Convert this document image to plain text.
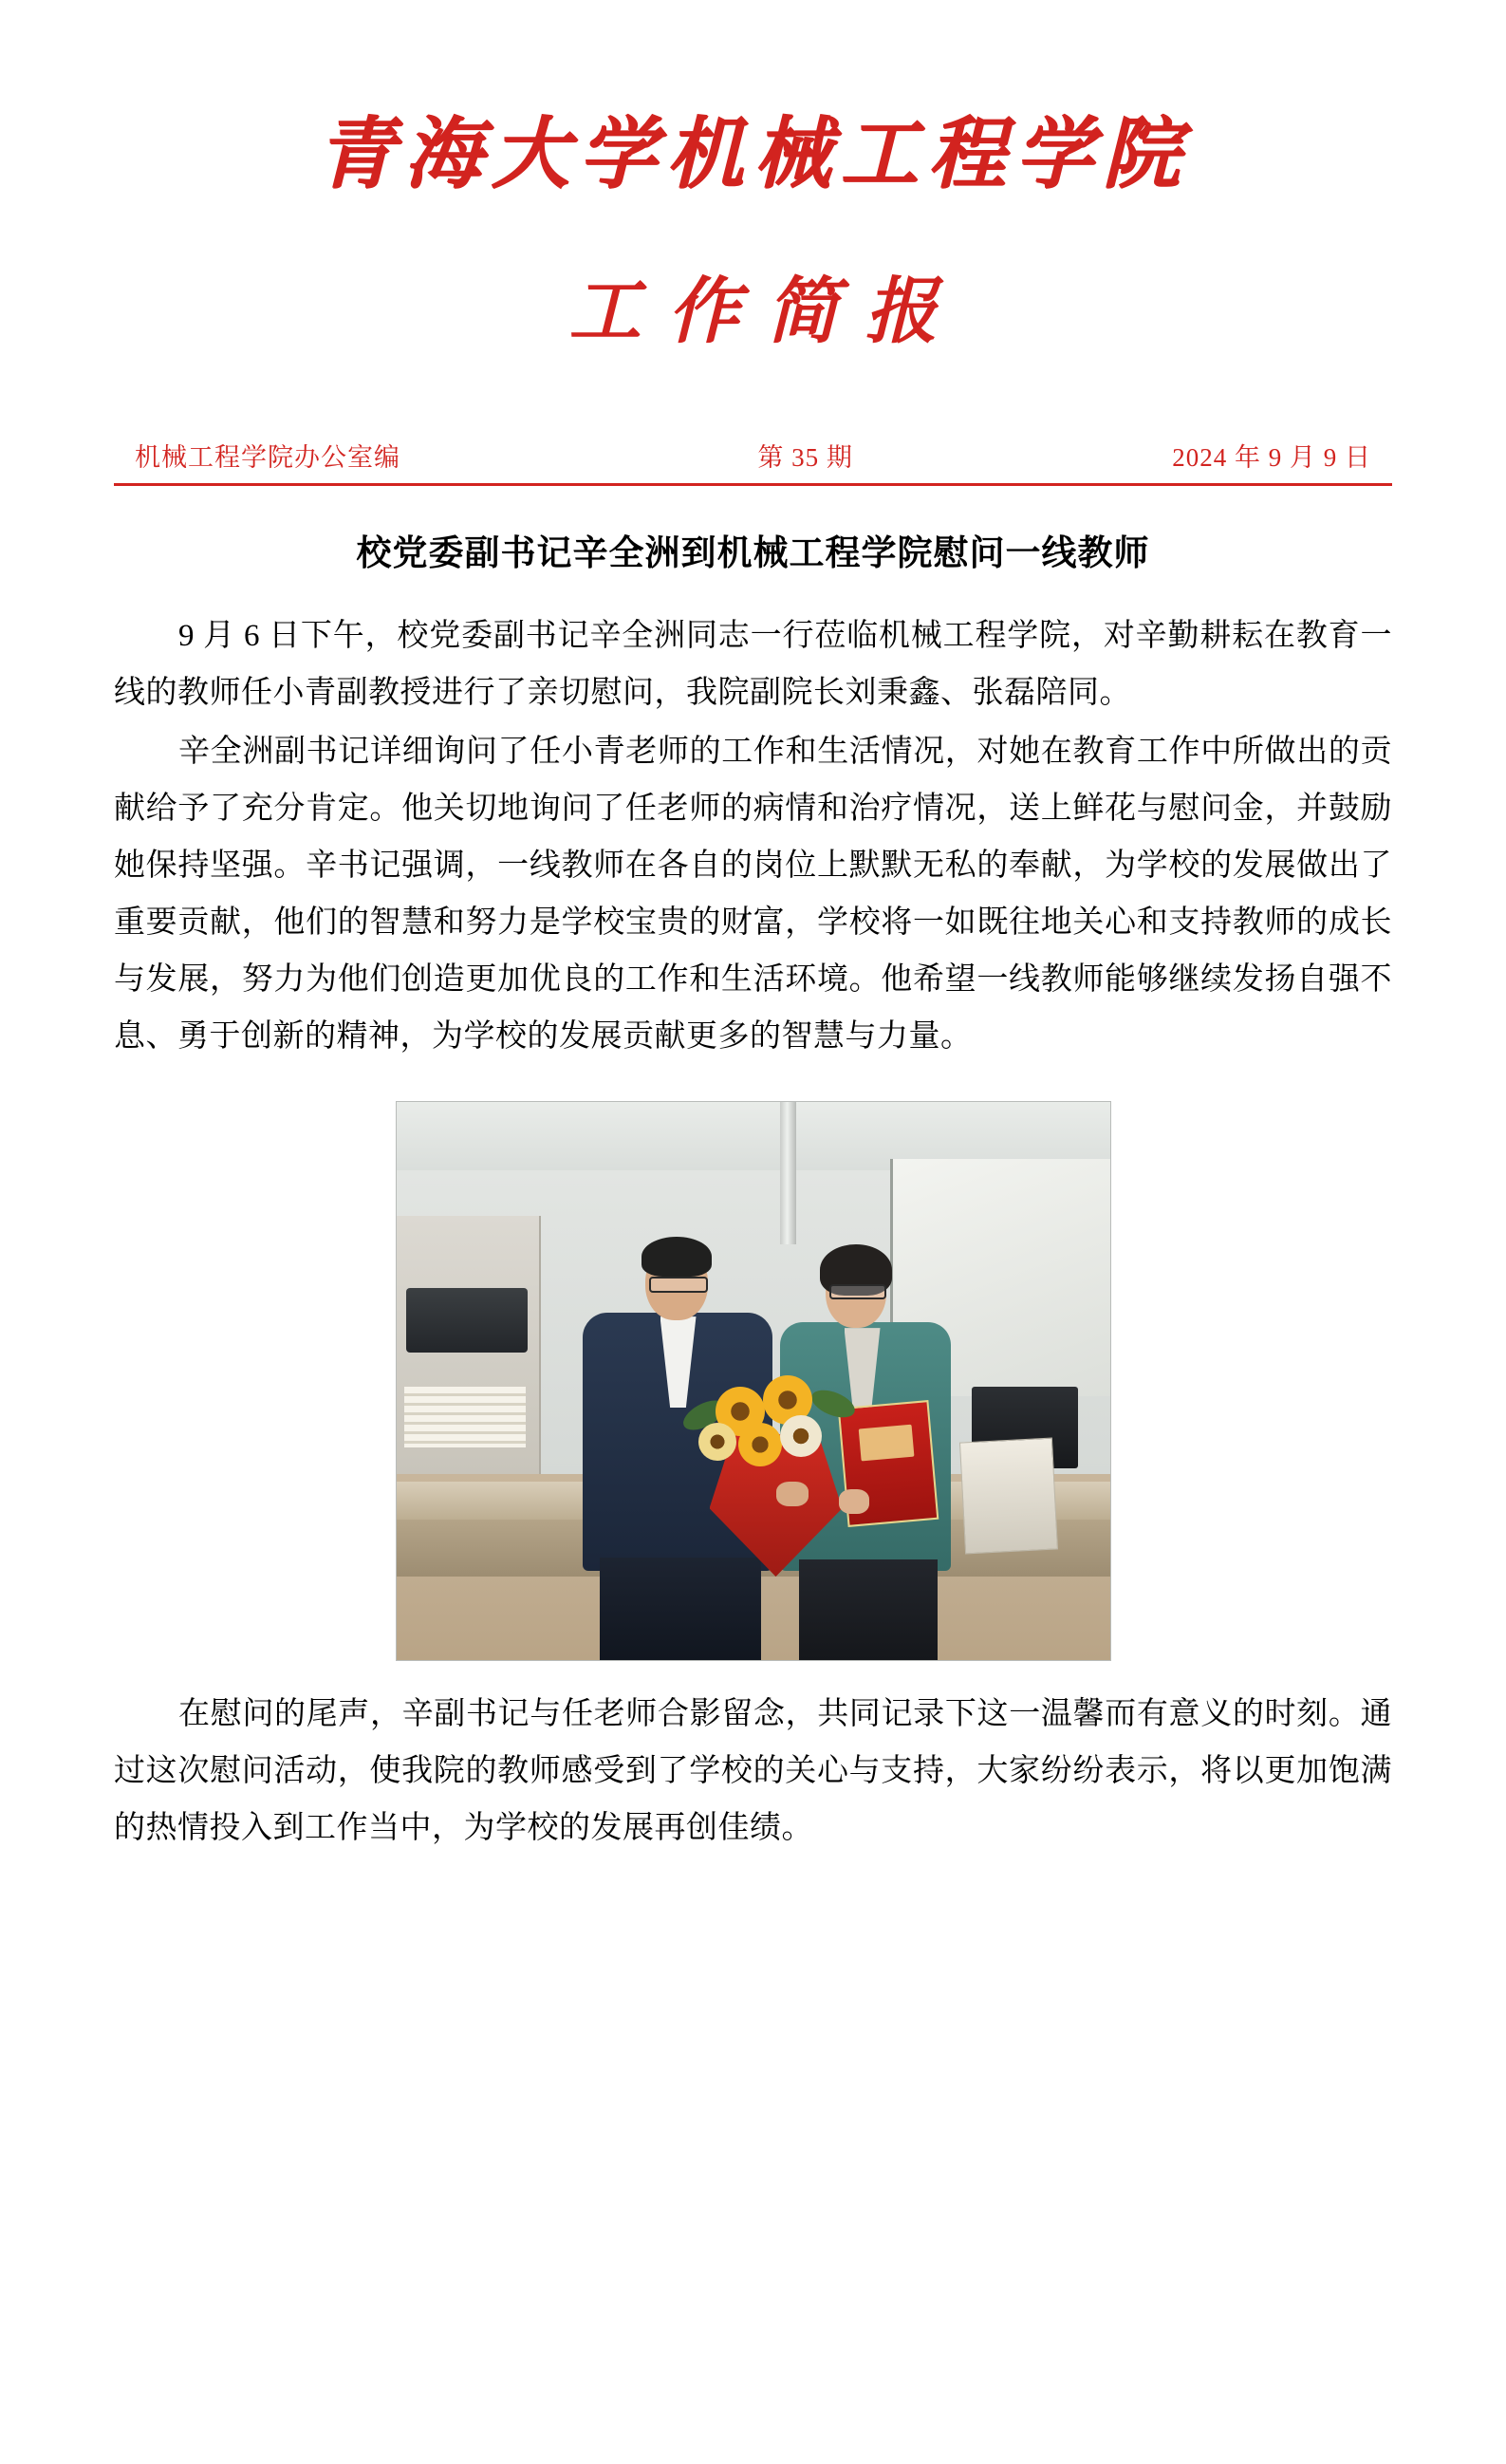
青海大学机械工程学院
工作简报
机械工程学院办公室编	第 35 期	2024 年 9 月 9 日
校党委副书记辛全洲到机械工程学院慰问一线教师

9 月 6 日下午，校党委副书记辛全洲同志一行莅临机械工程学院，对辛勤耕耘在教育一线的教师任小青副教授进行了亲切慰问，我院副院长刘秉鑫、张磊陪同。

辛全洲副书记详细询问了任小青老师的工作和生活情况，对她在教育工作中所做出的贡献给予了充分肯定。他关切地询问了任老师的病情和治疗情况，送上鲜花与慰问金，并鼓励她保持坚强。辛书记强调，一线教师在各自的岗位上默默无私的奉献，为学校的发展做出了重要贡献，他们的智慧和努力是学校宝贵的财富，学校将一如既往地关心和支持教师的成长与发展，努力为他们创造更加优良的工作和生活环境。他希望一线教师能够继续发扬自强不息、勇于创新的精神，为学校的发展贡献更多的智慧与力量。

在慰问的尾声，辛副书记与任老师合影留念，共同记录下这一温馨而有意义的时刻。通过这次慰问活动，使我院的教师感受到了学校的关心与支持，大家纷纷表示，将以更加饱满的热情投入到工作当中，为学校的发展再创佳绩。
